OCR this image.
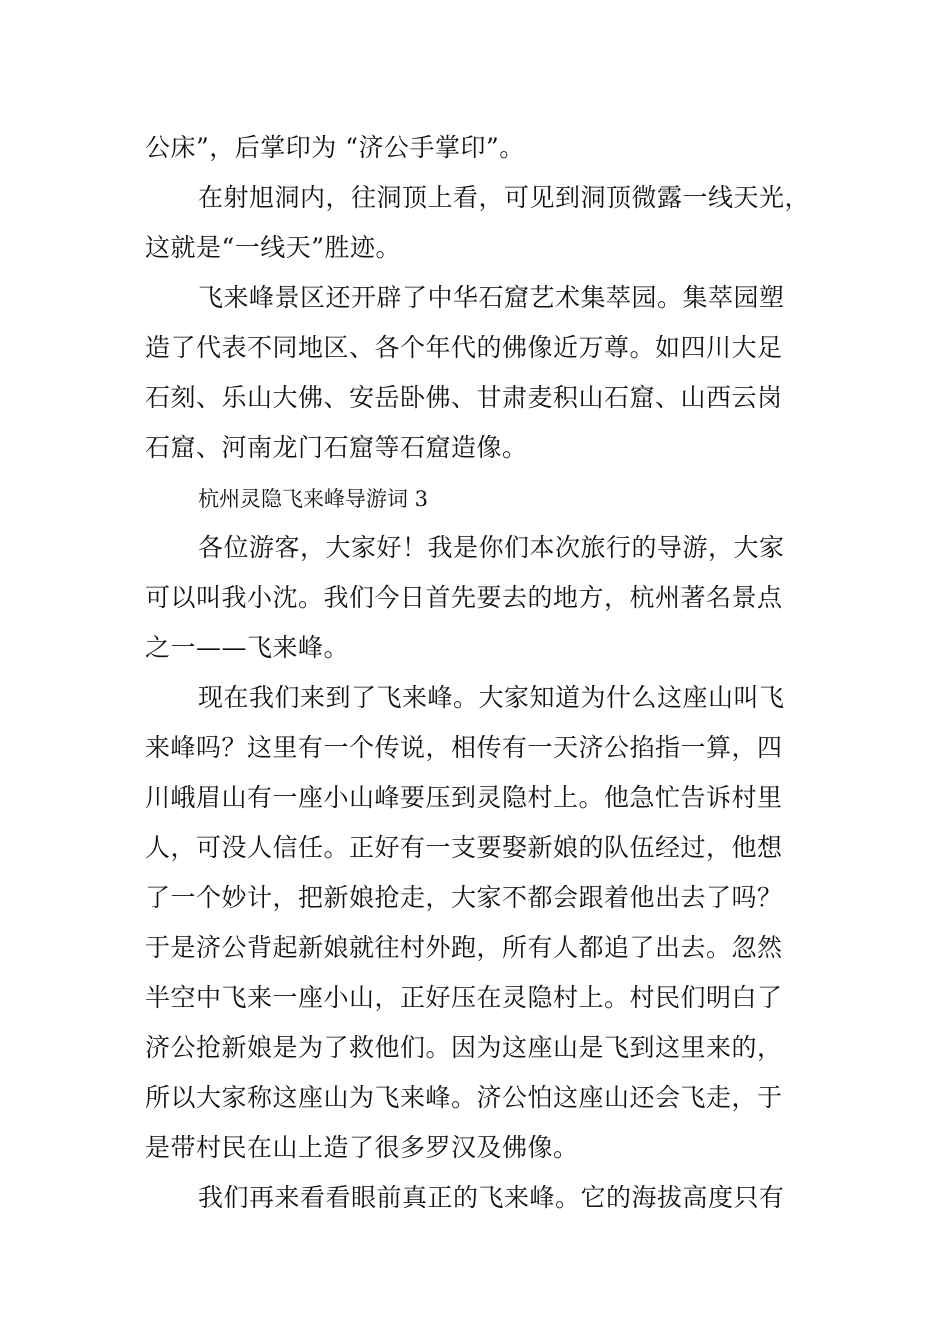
公床”，后掌印为 “济公手掌印”。
在射旭洞内，往洞顶上看，可见到洞顶微露一线天光，
这就是“一线天”胜迹。
飞来峰景区还开辟了中华石窟艺术集萃园。集萃园塑
造了代表不同地区、各个年代的佛像近万尊。如四川大足
石刻、乐山大佛、安岳卧佛、甘肃麦积山石窟、山西云岗
石窟、河南龙门石窟等石窟造像。
杭州灵隐飞来峰导游词 3
各位游客，大家好！我是你们本次旅行的导游，大家
可以叫我小沈。我们今日首先要去的地方，杭州著名景点
之一——飞来峰。
现在我们来到了飞来峰。大家知道为什么这座山叫飞
来峰吗？这里有一个传说，相传有一天济公掐指一算，四
川峨眉山有一座小山峰要压到灵隐村上。他急忙告诉村里
人，可没人信任。正好有一支要娶新娘的队伍经过，他想
了一个妙计，把新娘抢走，大家不都会跟着他出去了吗？
于是济公背起新娘就往村外跑，所有人都追了出去。忽然
半空中飞来一座小山，正好压在灵隐村上。村民们明白了
济公抢新娘是为了救他们。因为这座山是飞到这里来的，
所以大家称这座山为飞来峰。济公怕这座山还会飞走，于
是带村民在山上造了很多罗汉及佛像。
我们再来看看眼前真正的飞来峰。它的海拔高度只有
